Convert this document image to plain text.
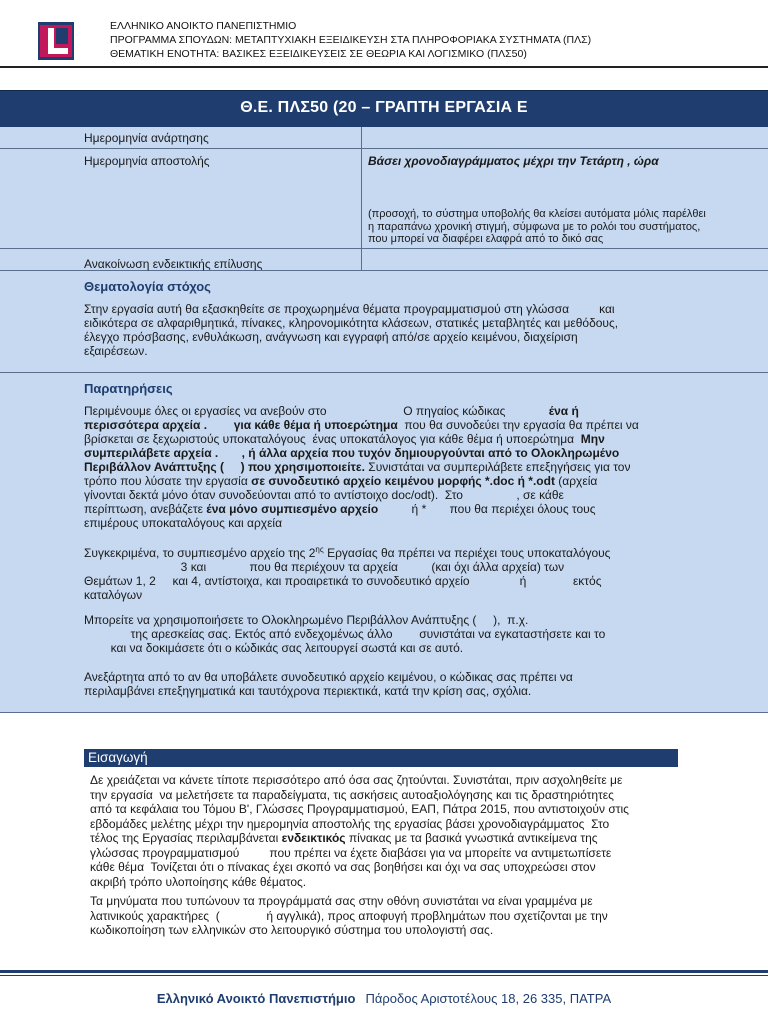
ΕΛΛΗΝΙΚΟ ΑΝΟΙΚΤΟ ΠΑΝΕΠΙΣΤΗΜΙΟ
ΠΡΟΓΡΑΜΜΑ ΣΠΟΥΔΩΝ: ΜΕΤΑΠΤΥΧΙΑΚΗ ΕΞΕΙΔΙΚΕΥΣΗ ΣΤΑ ΠΛΗΡΟΦΟΡΙΑΚΑ ΣΥΣΤΗΜΑΤΑ (ΠΛΣ)
ΘΕΜΑΤΙΚΗ ΕΝΟΤΗΤΑ: ΒΑΣΙΚΕΣ ΕΞΕΙΔΙΚΕΥΣΕΙΣ ΣΕ ΘΕΩΡΙΑ ΚΑΙ ΛΟΓΙΣΜΙΚΟ (ΠΛΣ50)
Θ.Ε. ΠΛΣ50 (20 – ΓΡΑΠΤΗ ΕΡΓΑΣΙΑ Ε
Ημερομηνία ανάρτησης
Ημερομηνία αποστολής	Βάσει χρονοδιαγράμματος μέχρι την Τετάρτη , ώρα
(προσοχή, το σύστημα υποβολής θα κλείσει αυτόματα μόλις παρέλθει
η παραπάνω χρονική στιγμή, σύμφωνα με το ρολόι του συστήματος,
που μπορεί να διαφέρει ελαφρά από το δικό σας
Ανακοίνωση ενδεικτικής επίλυσης
Θεματολογία στόχος
Στην εργασία αυτή θα εξασκηθείτε σε προχωρημένα θέματα προγραμματισμού στη γλώσσα         και
ειδικότερα σε αλφαριθμητικά, πίνακες, κληρονομικότητα κλάσεων, στατικές μεταβλητές και μεθόδους,
έλεγχο πρόσβασης, ενθυλάκωση, ανάγνωση και εγγραφή από/σε αρχείο κειμένου, διαχείριση
εξαιρέσεων.
Παρατηρήσεις
Περιμένουμε όλες οι εργασίες να ανεβούν στο                       Ο πηγαίος κώδικας             ένα ή
περισσότερα αρχεία .        για κάθε θέμα ή υποερώτημα  που θα συνοδεύει την εργασία θα πρέπει να
βρίσκεται σε ξεχωριστούς υποκαταλόγους  ένας υποκατάλογος για κάθε θέμα ή υποερώτημα  Μην
συμπεριλάβετε αρχεία .       , ή άλλα αρχεία που τυχόν δημιουργούνται από το Ολοκληρωμένο
Περιβάλλον Ανάπτυξης (     ) που χρησιμοποιείτε. Συνιστάται να συμπεριλάβετε επεξηγήσεις για τον
τρόπο που λύσατε την εργασία σε συνοδευτικό αρχείο κειμένου μορφής *.doc ή *.odt (αρχεία
γίνονται δεκτά μόνο όταν συνοδεύονται από το αντίστοιχο doc/odt).  Στο                , σε κάθε
περίπτωση, ανεβάζετε ένα μόνο συμπιεσμένο αρχείο          ή *       που θα περιέχει όλους τους
επιμέρους υποκαταλόγους και αρχεία
Συγκεκριμένα, το συμπιεσμένο αρχείο της $2^{\eta\varsigma}$ Εργασίας θα πρέπει να περιέχει τους υποκαταλόγους
3 και             που θα περιέχουν τα αρχεία          (και όχι άλλα αρχεία) των
Θεμάτων 1, 2     και 4, αντίστοιχα, και προαιρετικά το συνοδευτικό αρχείο               ή              εκτός
καταλόγων
Μπορείτε να χρησιμοποιήσετε το Ολοκληρωμένο Περιβάλλον Ανάπτυξης (     ),  π.χ.
της αρεσκείας σας. Εκτός από ενδεχομένως άλλο        συνιστάται να εγκαταστήσετε και το
και να δοκιμάσετε ότι ο κώδικάς σας λειτουργεί σωστά και σε αυτό.
Ανεξάρτητα από το αν θα υποβάλετε συνοδευτικό αρχείο κειμένου, ο κώδικας σας πρέπει να
περιλαμβάνει επεξηγηματικά και ταυτόχρονα περιεκτικά, κατά την κρίση σας, σχόλια.
Εισαγωγή
Δε χρειάζεται να κάνετε τίποτε περισσότερο από όσα σας ζητούνται. Συνιστάται, πριν ασχοληθείτε με
την εργασία  να μελετήσετε τα παραδείγματα, τις ασκήσεις αυτοαξιολόγησης και τις δραστηριότητες
από τα κεφάλαια του Τόμου Β', Γλώσσες Προγραμματισμού, ΕΑΠ, Πάτρα 2015, που αντιστοιχούν στις
εβδομάδες μελέτης μέχρι την ημερομηνία αποστολής της εργασίας βάσει χρονοδιαγράμματος  Στο
τέλος της Εργασίας περιλαμβάνεται ενδεικτικός πίνακας με τα βασικά γνωστικά αντικείμενα της
γλώσσας προγραμματισμού         που πρέπει να έχετε διαβάσει για να μπορείτε να αντιμετωπίσετε
κάθε θέμα  Τονίζεται ότι ο πίνακας έχει σκοπό να σας βοηθήσει και όχι να σας υποχρεώσει στον
ακριβή τρόπο υλοποίησης κάθε θέματος.
Τα μηνύματα που τυπώνουν τα προγράμματά σας στην οθόνη συνιστάται να είναι γραμμένα με
λατινικούς χαρακτήρες  (              ή αγγλικά), προς αποφυγή προβλημάτων που σχετίζονται με την
κωδικοποίηση των ελληνικών στο λειτουργικό σύστημα του υπολογιστή σας.
Ελληνικό Ανοικτό Πανεπιστήμιο Πάροδος Αριστοτέλους 18, 26 335, ΠΑΤΡΑ
